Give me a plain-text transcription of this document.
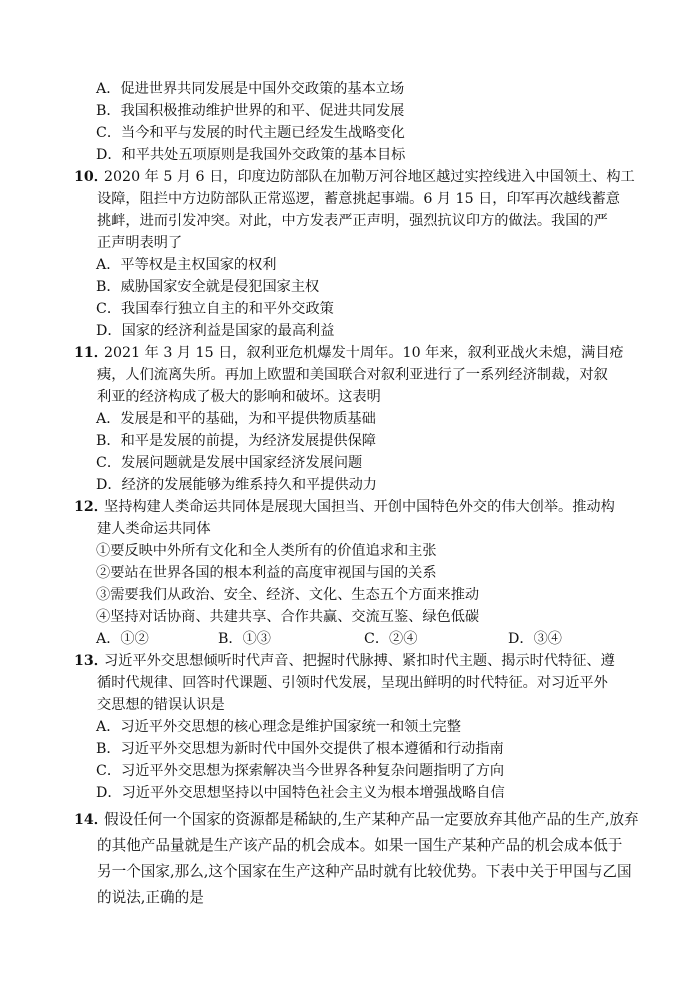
A．促进世界共同发展是中国外交政策的基本立场
B．我国积极推动维护世界的和平、促进共同发展
C．当今和平与发展的时代主题已经发生战略变化
D．和平共处五项原则是我国外交政策的基本目标
10．
2020 年 5 月 6 日，印度边防部队在加勒万河谷地区越过实控线进入中国领土、构工
设障，阻拦中方边防部队正常巡逻，蓄意挑起事端。6 月 15 日，印军再次越线蓄意
挑衅，进而引发冲突。对此，中方发表严正声明，强烈抗议印方的做法。我国的严
正声明表明了
A．平等权是主权国家的权利
B．威胁国家安全就是侵犯国家主权
C．我国奉行独立自主的和平外交政策
D．国家的经济利益是国家的最高利益
11．
2021 年 3 月 15 日，叙利亚危机爆发十周年。10 年来，叙利亚战火未熄，满目疮
痍，人们流离失所。再加上欧盟和美国联合对叙利亚进行了一系列经济制裁，对叙
利亚的经济构成了极大的影响和破坏。这表明
A．发展是和平的基础，为和平提供物质基础
B．和平是发展的前提，为经济发展提供保障
C．发展问题就是发展中国家经济发展问题
D．经济的发展能够为维系持久和平提供动力
12．
坚持构建人类命运共同体是展现大国担当、开创中国特色外交的伟大创举。推动构
建人类命运共同体
①要反映中外所有文化和全人类所有的价值追求和主张
②要站在世界各国的根本利益的高度审视国与国的关系
③需要我们从政治、安全、经济、文化、生态五个方面来推动
④坚持对话协商、共建共享、合作共赢、交流互鉴、绿色低碳
A．①②	B．①③	C．②④	D．③④
13．
习近平外交思想倾听时代声音、把握时代脉搏、紧扣时代主题、揭示时代特征、遵
循时代规律、回答时代课题、引领时代发展，呈现出鲜明的时代特征。对习近平外
交思想的错误认识是
A．习近平外交思想的核心理念是维护国家统一和领土完整
B．习近平外交思想为新时代中国外交提供了根本遵循和行动指南
C．习近平外交思想为探索解决当今世界各种复杂问题指明了方向
D．习近平外交思想坚持以中国特色社会主义为根本增强战略自信
14．
假设任何一个国家的资源都是稀缺的,生产某种产品一定要放弃其他产品的生产,放弃
的其他产品量就是生产该产品的机会成本。如果一国生产某种产品的机会成本低于
另一个国家,那么,这个国家在生产这种产品时就有比较优势。下表中关于甲国与乙国
的说法,正确的是
